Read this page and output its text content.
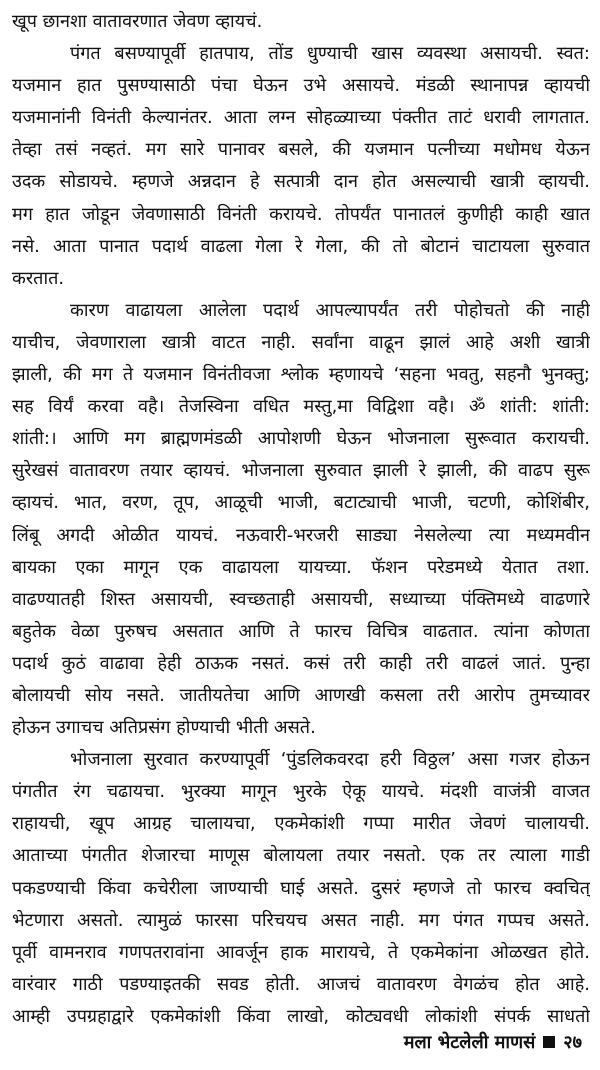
खूप छानशा वातावरणात जेवण व्हायचं.
पंगत बसण्यापूर्वी हातपाय, तोंड धुण्याची खास व्यवस्था असायची. स्वत:
यजमान हात पुसण्यासाठी पंचा घेऊन उभे असायचे. मंडळी स्थानापन्न व्हायची
यजमानांनी विनंती केल्यानंतर. आता लग्न सोहळ्याच्या पंक्तीत ताटं धरावी लागतात.
तेव्हा तसं नव्हतं. मग सारे पानावर बसले, की यजमान पत्नीच्या मधोमध येऊन
उदक सोडायचे. म्हणजे अन्नदान हे सत्पात्री दान होत असल्याची खात्री व्हायची.
मग हात जोडून जेवणासाठी विनंती करायचे. तोपर्यंत पानातलं कुणीही काही खात
नसे. आता पानात पदार्थ वाढला गेला रे गेला, की तो बोटानं चाटायला सुरुवात
करतात.
कारण वाढायला आलेला पदार्थ आपल्यापर्यंत तरी पोहोचतो की नाही
याचीच, जेवणाराला खात्री वाटत नाही. सर्वांना वाढून झालं आहे अशी खात्री
झाली, की मग ते यजमान विनंतीवजा श्लोक म्हणायचे ‘सहना भवतु, सहनौ भुनक्तु;
सह विर्यं करवा वहै। तेजस्विना वधित मस्तु,मा विद्विशा वहै। ॐ शांती: शांती:
शांती:। आणि मग ब्राह्मणमंडळी आपोशणी घेऊन भोजनाला सुरूवात करायची.
सुरेखसं वातावरण तयार व्हायचं. भोजनाला सुरुवात झाली रे झाली, की वाढप सुरू
व्हायचं. भात, वरण, तूप, आळूची भाजी, बटाट्याची भाजी, चटणी, कोशिंबीर,
लिंबू अगदी ओळीत यायचं. नऊवारी-भरजरी साड्या नेसलेल्या त्या मध्यमवीन
बायका एका मागून एक वाढायला यायच्या. फॅशन परेडमध्ये येतात तशा.
वाढण्यातही शिस्त असायची, स्वच्छताही असायची, सध्याच्या पंक्तिमध्ये वाढणारे
बहुतेक वेळा पुरुषच असतात आणि ते फारच विचित्र वाढतात. त्यांना कोणता
पदार्थ कुठं वाढावा हेही ठाऊक नसतं. कसं तरी काही तरी वाढलं जातं. पुन्हा
बोलायची सोय नसते. जातीयतेचा आणि आणखी कसला तरी आरोप तुमच्यावर
होऊन उगाचच अतिप्रसंग होण्याची भीती असते.
भोजनाला सुरवात करण्यापूर्वी ‘पुंडलिकवरदा हरी विठ्ठल’ असा गजर होऊन
पंगतीत रंग चढायचा. भुरक्या मागून भुरके ऐकू यायचे. मंदशी वाजंत्री वाजत
राहायची, खूप आग्रह चालायचा, एकमेकांशी गप्पा मारीत जेवणं चालायची.
आताच्या पंगतीत शेजारचा माणूस बोलायला तयार नसतो. एक तर त्याला गाडी
पकडण्याची किंवा कचेरीला जाण्याची घाई असते. दुसरं म्हणजे तो फारच क्वचित्
भेटणारा असतो. त्यामुळं फारसा परिचयच असत नाही. मग पंगत गप्पच असते.
पूर्वी वामनराव गणपतरावांना आवर्जून हाक मारायचे, ते एकमेकांना ओळखत होते.
वारंवार गाठी पडण्याइतकी सवड होती. आजचं वातावरण वेगळंच होत आहे.
आम्ही उपग्रहाद्वारे एकमेकांशी किंवा लाखो, कोट्यवधी लोकांशी संपर्क साधतो
मला भेटलेली माणसं २७
